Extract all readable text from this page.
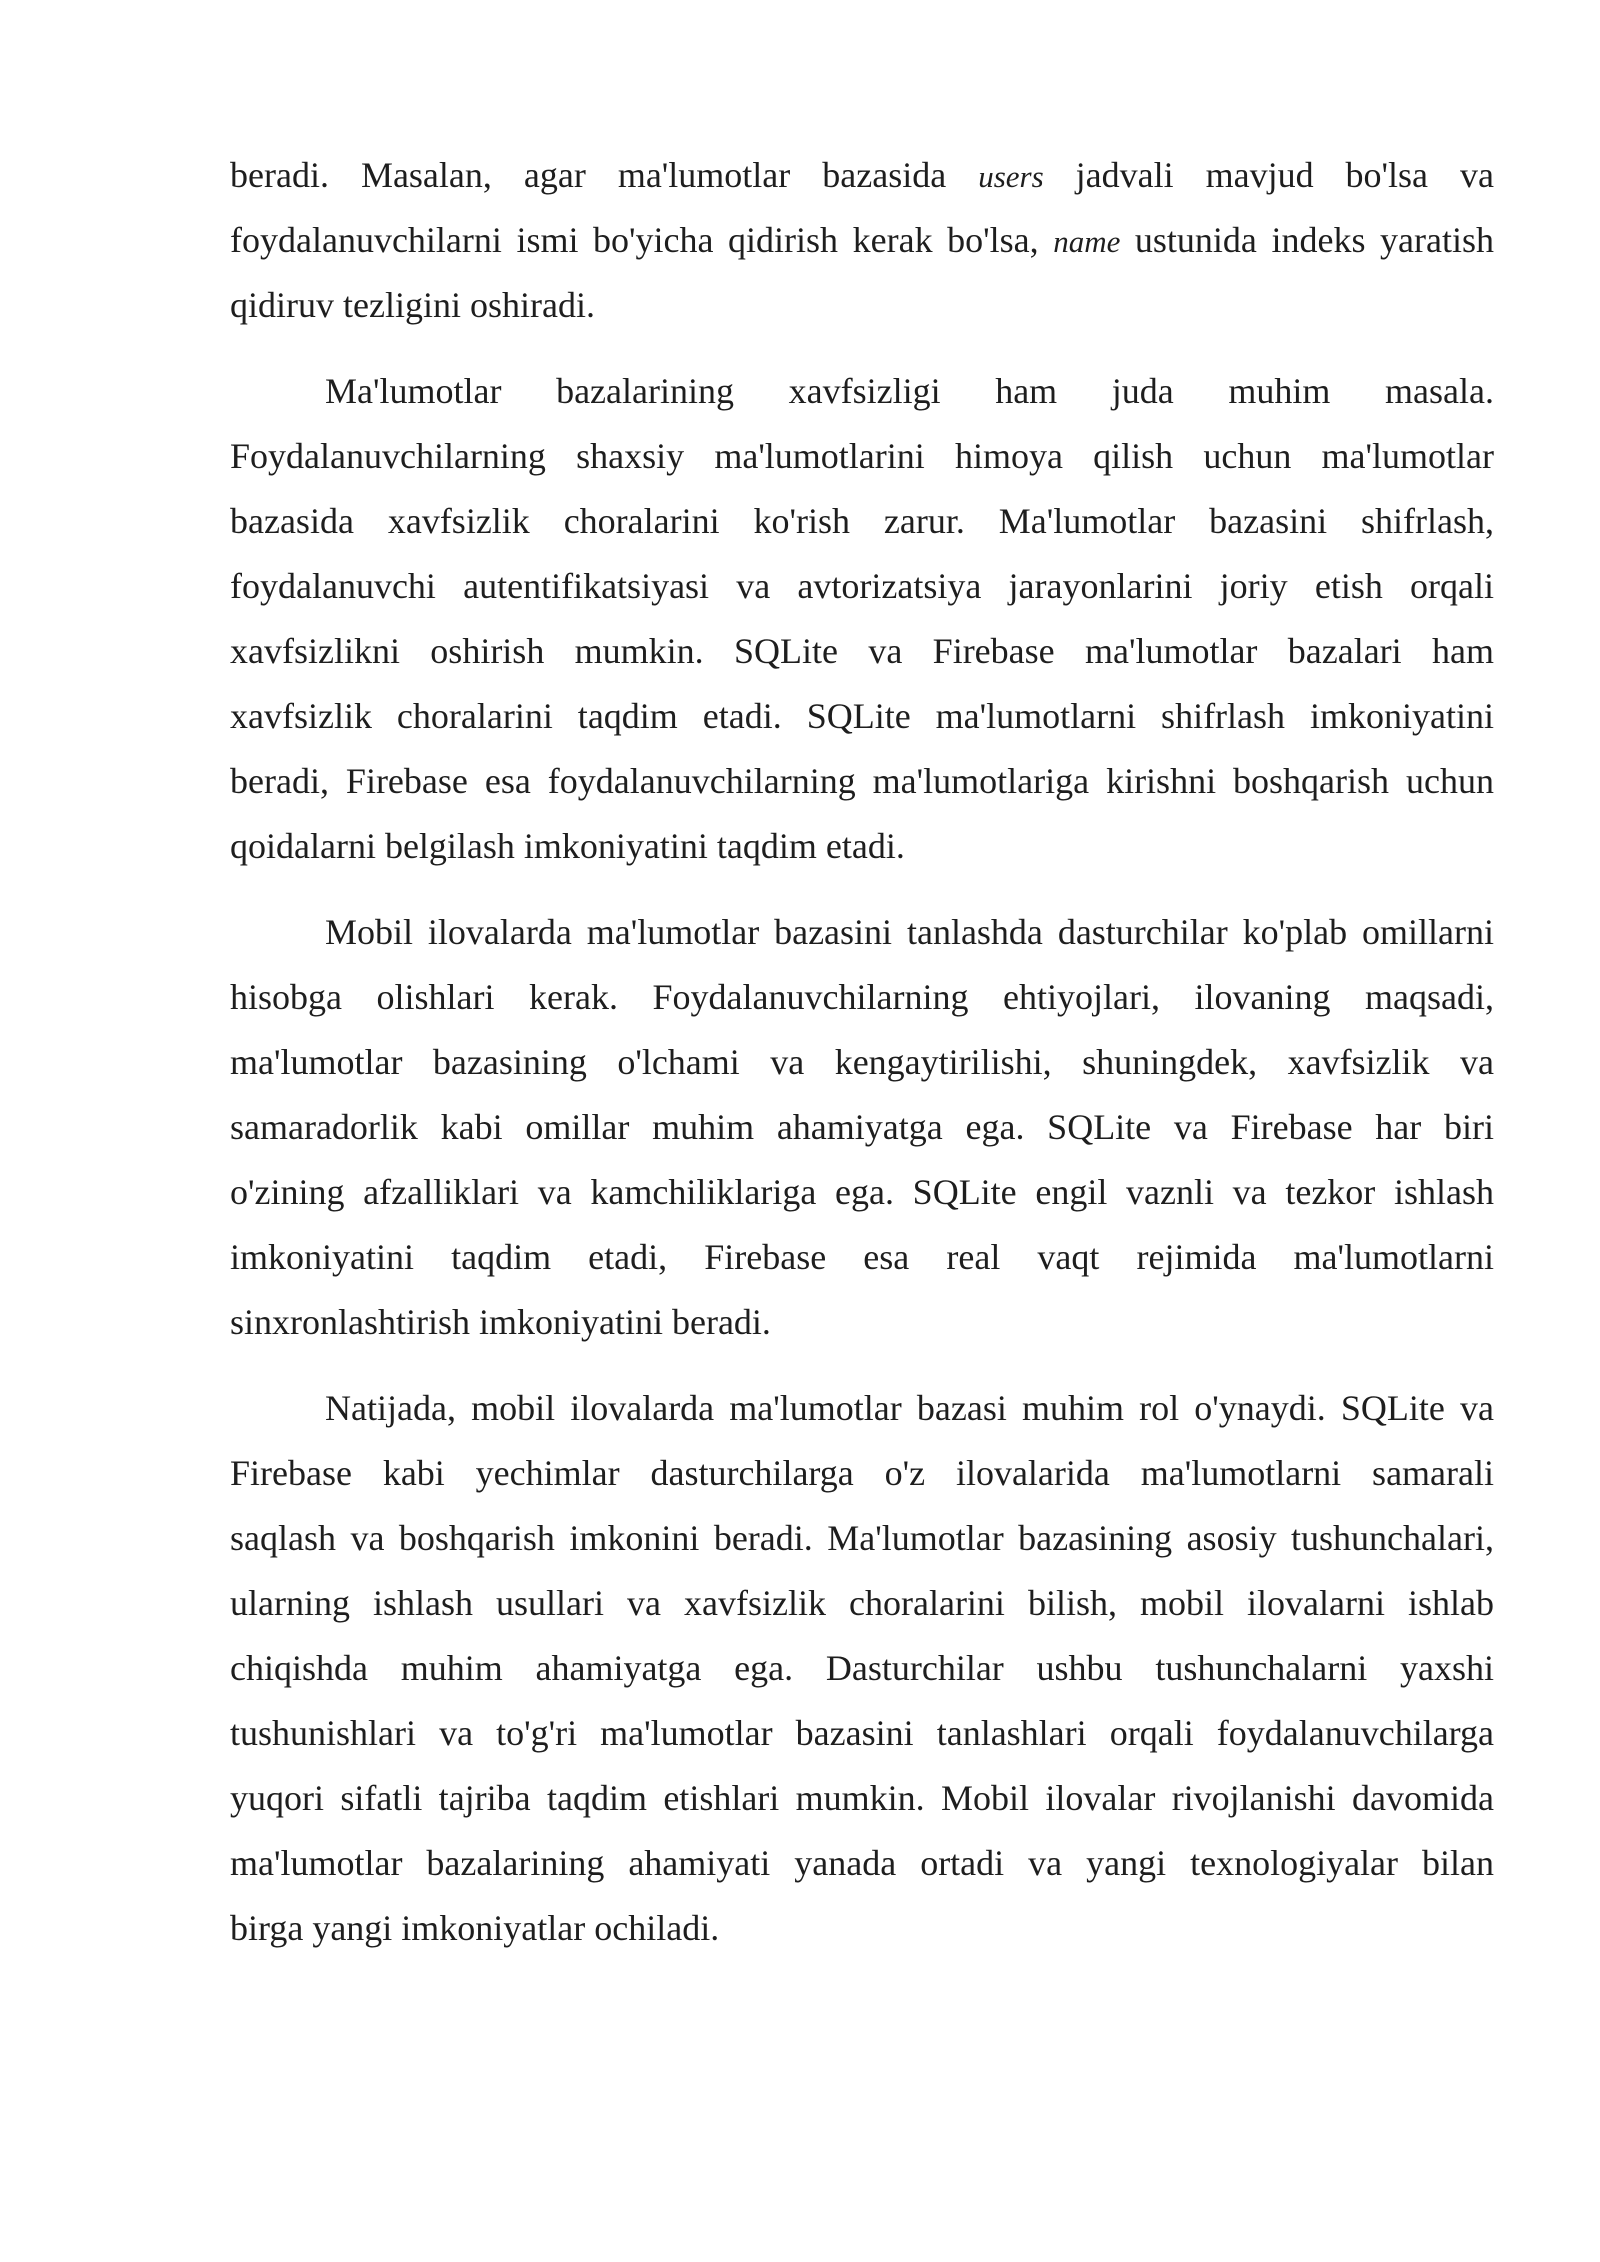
beradi. Masalan, agar ma'lumotlar bazasida users jadvali mavjud bo'lsa va

foydalanuvchilarni ismi bo'yicha qidirish kerak bo'lsa, name ustunida indeks yaratish

qidiruv tezligini oshiradi.

Ma'lumotlar bazalarining xavfsizligi ham juda muhim masala.

Foydalanuvchilarning shaxsiy ma'lumotlarini himoya qilish uchun ma'lumotlar

bazasida xavfsizlik choralarini ko'rish zarur. Ma'lumotlar bazasini shifrlash,

foydalanuvchi autentifikatsiyasi va avtorizatsiya jarayonlarini joriy etish orqali

xavfsizlikni oshirish mumkin. SQLite va Firebase ma'lumotlar bazalari ham

xavfsizlik choralarini taqdim etadi. SQLite ma'lumotlarni shifrlash imkoniyatini

beradi, Firebase esa foydalanuvchilarning ma'lumotlariga kirishni boshqarish uchun

qoidalarni belgilash imkoniyatini taqdim etadi.

Mobil ilovalarda ma'lumotlar bazasini tanlashda dasturchilar ko'plab omillarni

hisobga olishlari kerak. Foydalanuvchilarning ehtiyojlari, ilovaning maqsadi,

ma'lumotlar bazasining o'lchami va kengaytirilishi, shuningdek, xavfsizlik va

samaradorlik kabi omillar muhim ahamiyatga ega. SQLite va Firebase har biri

o'zining afzalliklari va kamchiliklariga ega. SQLite engil vaznli va tezkor ishlash

imkoniyatini taqdim etadi, Firebase esa real vaqt rejimida ma'lumotlarni

sinxronlashtirish imkoniyatini beradi.

Natijada, mobil ilovalarda ma'lumotlar bazasi muhim rol o'ynaydi. SQLite va

Firebase kabi yechimlar dasturchilarga o'z ilovalarida ma'lumotlarni samarali

saqlash va boshqarish imkonini beradi. Ma'lumotlar bazasining asosiy tushunchalari,

ularning ishlash usullari va xavfsizlik choralarini bilish, mobil ilovalarni ishlab

chiqishda muhim ahamiyatga ega. Dasturchilar ushbu tushunchalarni yaxshi

tushunishlari va to'g'ri ma'lumotlar bazasini tanlashlari orqali foydalanuvchilarga

yuqori sifatli tajriba taqdim etishlari mumkin. Mobil ilovalar rivojlanishi davomida

ma'lumotlar bazalarining ahamiyati yanada ortadi va yangi texnologiyalar bilan

birga yangi imkoniyatlar ochiladi.
